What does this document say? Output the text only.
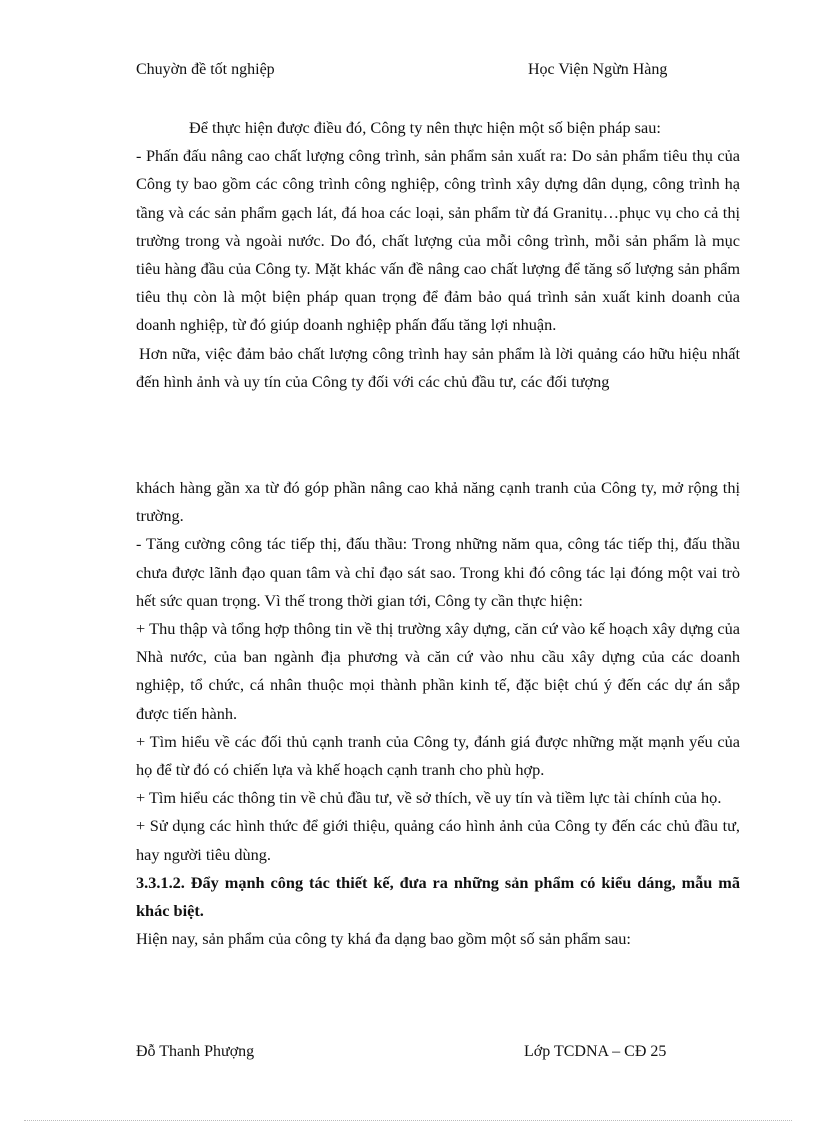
Chuyờn đề tốt nghiệp	Học Viện Ngừn Hàng

Để thực hiện được điều đó, Công ty nên thực hiện một số biện pháp sau:

- Phấn đấu nâng cao chất lượng công trình, sản phẩm sản xuất ra: Do sản phẩm tiêu thụ của Công ty bao gồm các công trình công nghiệp, công trình xây dựng dân dụng, công trình hạ tầng và các sản phẩm gạch lát, đá hoa các loại, sản phẩm từ đá Granitụ…phục vụ cho cả thị trường trong và ngoài nước. Do đó, chất lượng của mỗi công trình, mỗi sản phẩm là mục tiêu hàng đầu của Công ty. Mặt khác vấn đề nâng cao chất lượng để tăng số lượng sản phẩm tiêu thụ còn là một biện pháp quan trọng để đảm bảo quá trình sản xuất kinh doanh của doanh nghiệp, từ đó giúp doanh nghiệp phấn đấu tăng lợi nhuận.

Hơn nữa, việc đảm bảo chất lượng công trình hay sản phẩm là lời quảng cáo hữu hiệu nhất đến hình ảnh và uy tín của Công ty đối với các chủ đầu tư, các đối tượng

khách hàng gần xa từ đó góp phần nâng cao khả năng cạnh tranh của Công ty, mở rộng thị trường.

- Tăng cường công tác tiếp thị, đấu thầu: Trong những năm qua, công tác tiếp thị, đấu thầu chưa được lãnh đạo quan tâm và chỉ đạo sát sao. Trong khi đó công tác lại đóng một vai trò hết sức quan trọng. Vì thế trong thời gian tới, Công ty cần thực hiện:

+ Thu thập và tổng hợp thông tin về thị trường xây dựng, căn cứ vào kế hoạch xây dựng của Nhà nước, của ban ngành địa phương và căn cứ vào nhu cầu xây dựng của các doanh nghiệp, tổ chức, cá nhân thuộc mọi thành phần kinh tế, đặc biệt chú ý đến các dự án sắp được tiến hành.

+ Tìm hiểu về các đối thủ cạnh tranh của Công ty, đánh giá được những mặt mạnh yếu của họ để từ đó có chiến lựa và khế hoạch cạnh tranh cho phù hợp.

+ Tìm hiểu các thông tin về chủ đầu tư, về sở thích, về uy tín và tiềm lực tài chính của họ.

+ Sử dụng các hình thức để giới thiệu, quảng cáo hình ảnh của Công ty đến các chủ đầu tư, hay người tiêu dùng.

3.3.1.2. Đẩy mạnh công tác thiết kế, đưa ra những sản phẩm có kiểu dáng, mẫu mã khác biệt.

Hiện nay, sản phẩm của công ty khá đa dạng bao gồm một số sản phẩm sau:

Đỗ Thanh Phượng	Lớp TCDNA – CĐ 25
